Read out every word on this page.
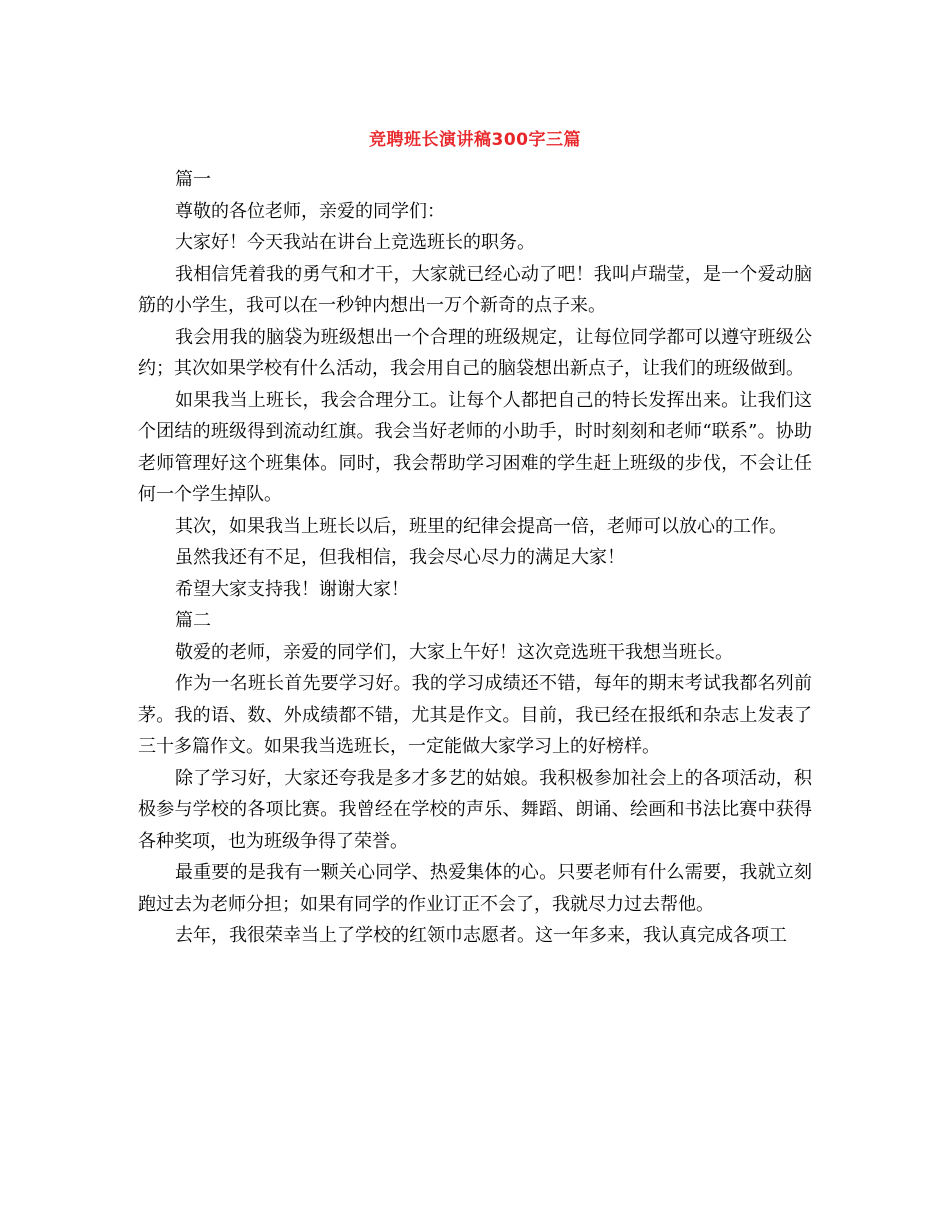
竞聘班长演讲稿300字三篇

篇一

尊敬的各位老师，亲爱的同学们：

大家好！今天我站在讲台上竞选班长的职务。

我相信凭着我的勇气和才干，大家就已经心动了吧！我叫卢瑞莹，是一个爱动脑筋的小学生，我可以在一秒钟内想出一万个新奇的点子来。

我会用我的脑袋为班级想出一个合理的班级规定，让每位同学都可以遵守班级公约；其次如果学校有什么活动，我会用自己的脑袋想出新点子，让我们的班级做到。

如果我当上班长，我会合理分工。让每个人都把自己的特长发挥出来。让我们这个团结的班级得到流动红旗。我会当好老师的小助手，时时刻刻和老师“联系”。协助老师管理好这个班集体。同时，我会帮助学习困难的学生赶上班级的步伐，不会让任何一个学生掉队。

其次，如果我当上班长以后，班里的纪律会提高一倍，老师可以放心的工作。

虽然我还有不足，但我相信，我会尽心尽力的满足大家！

希望大家支持我！谢谢大家！

篇二

敬爱的老师，亲爱的同学们，大家上午好！这次竞选班干我想当班长。

作为一名班长首先要学习好。我的学习成绩还不错，每年的期末考试我都名列前茅。我的语、数、外成绩都不错，尤其是作文。目前，我已经在报纸和杂志上发表了三十多篇作文。如果我当选班长，一定能做大家学习上的好榜样。

除了学习好，大家还夸我是多才多艺的姑娘。我积极参加社会上的各项活动，积极参与学校的各项比赛。我曾经在学校的声乐、舞蹈、朗诵、绘画和书法比赛中获得各种奖项，也为班级争得了荣誉。

最重要的是我有一颗关心同学、热爱集体的心。只要老师有什么需要，我就立刻跑过去为老师分担；如果有同学的作业订正不会了，我就尽力过去帮他。

去年，我很荣幸当上了学校的红领巾志愿者。这一年多来，我认真完成各项工
